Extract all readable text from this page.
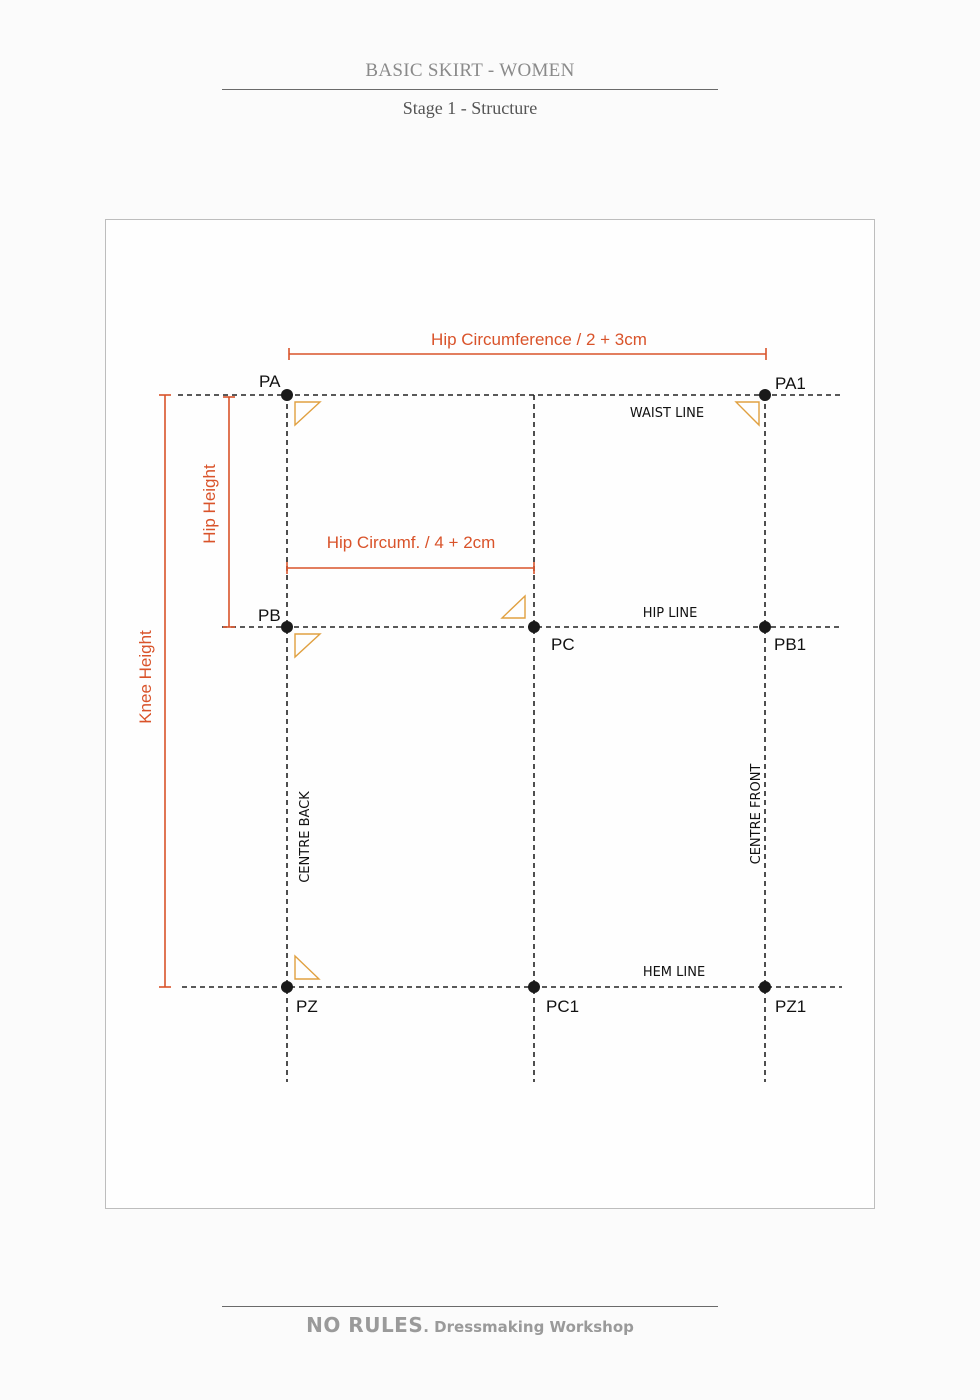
BASIC SKIRT - WOMEN
Stage 1 - Structure
Hip Circumference / 2 + 3cm
Hip Circumf. / 4 + 2cm
Hip Height
Knee Height
PA	PA1
PB
PC	PB1
PZ	PC1	PZ1
WAIST LINE
HIP LINE
HEM LINE
CENTRE BACK	CENTRE FRONT
NO RULES. Dressmaking Workshop
